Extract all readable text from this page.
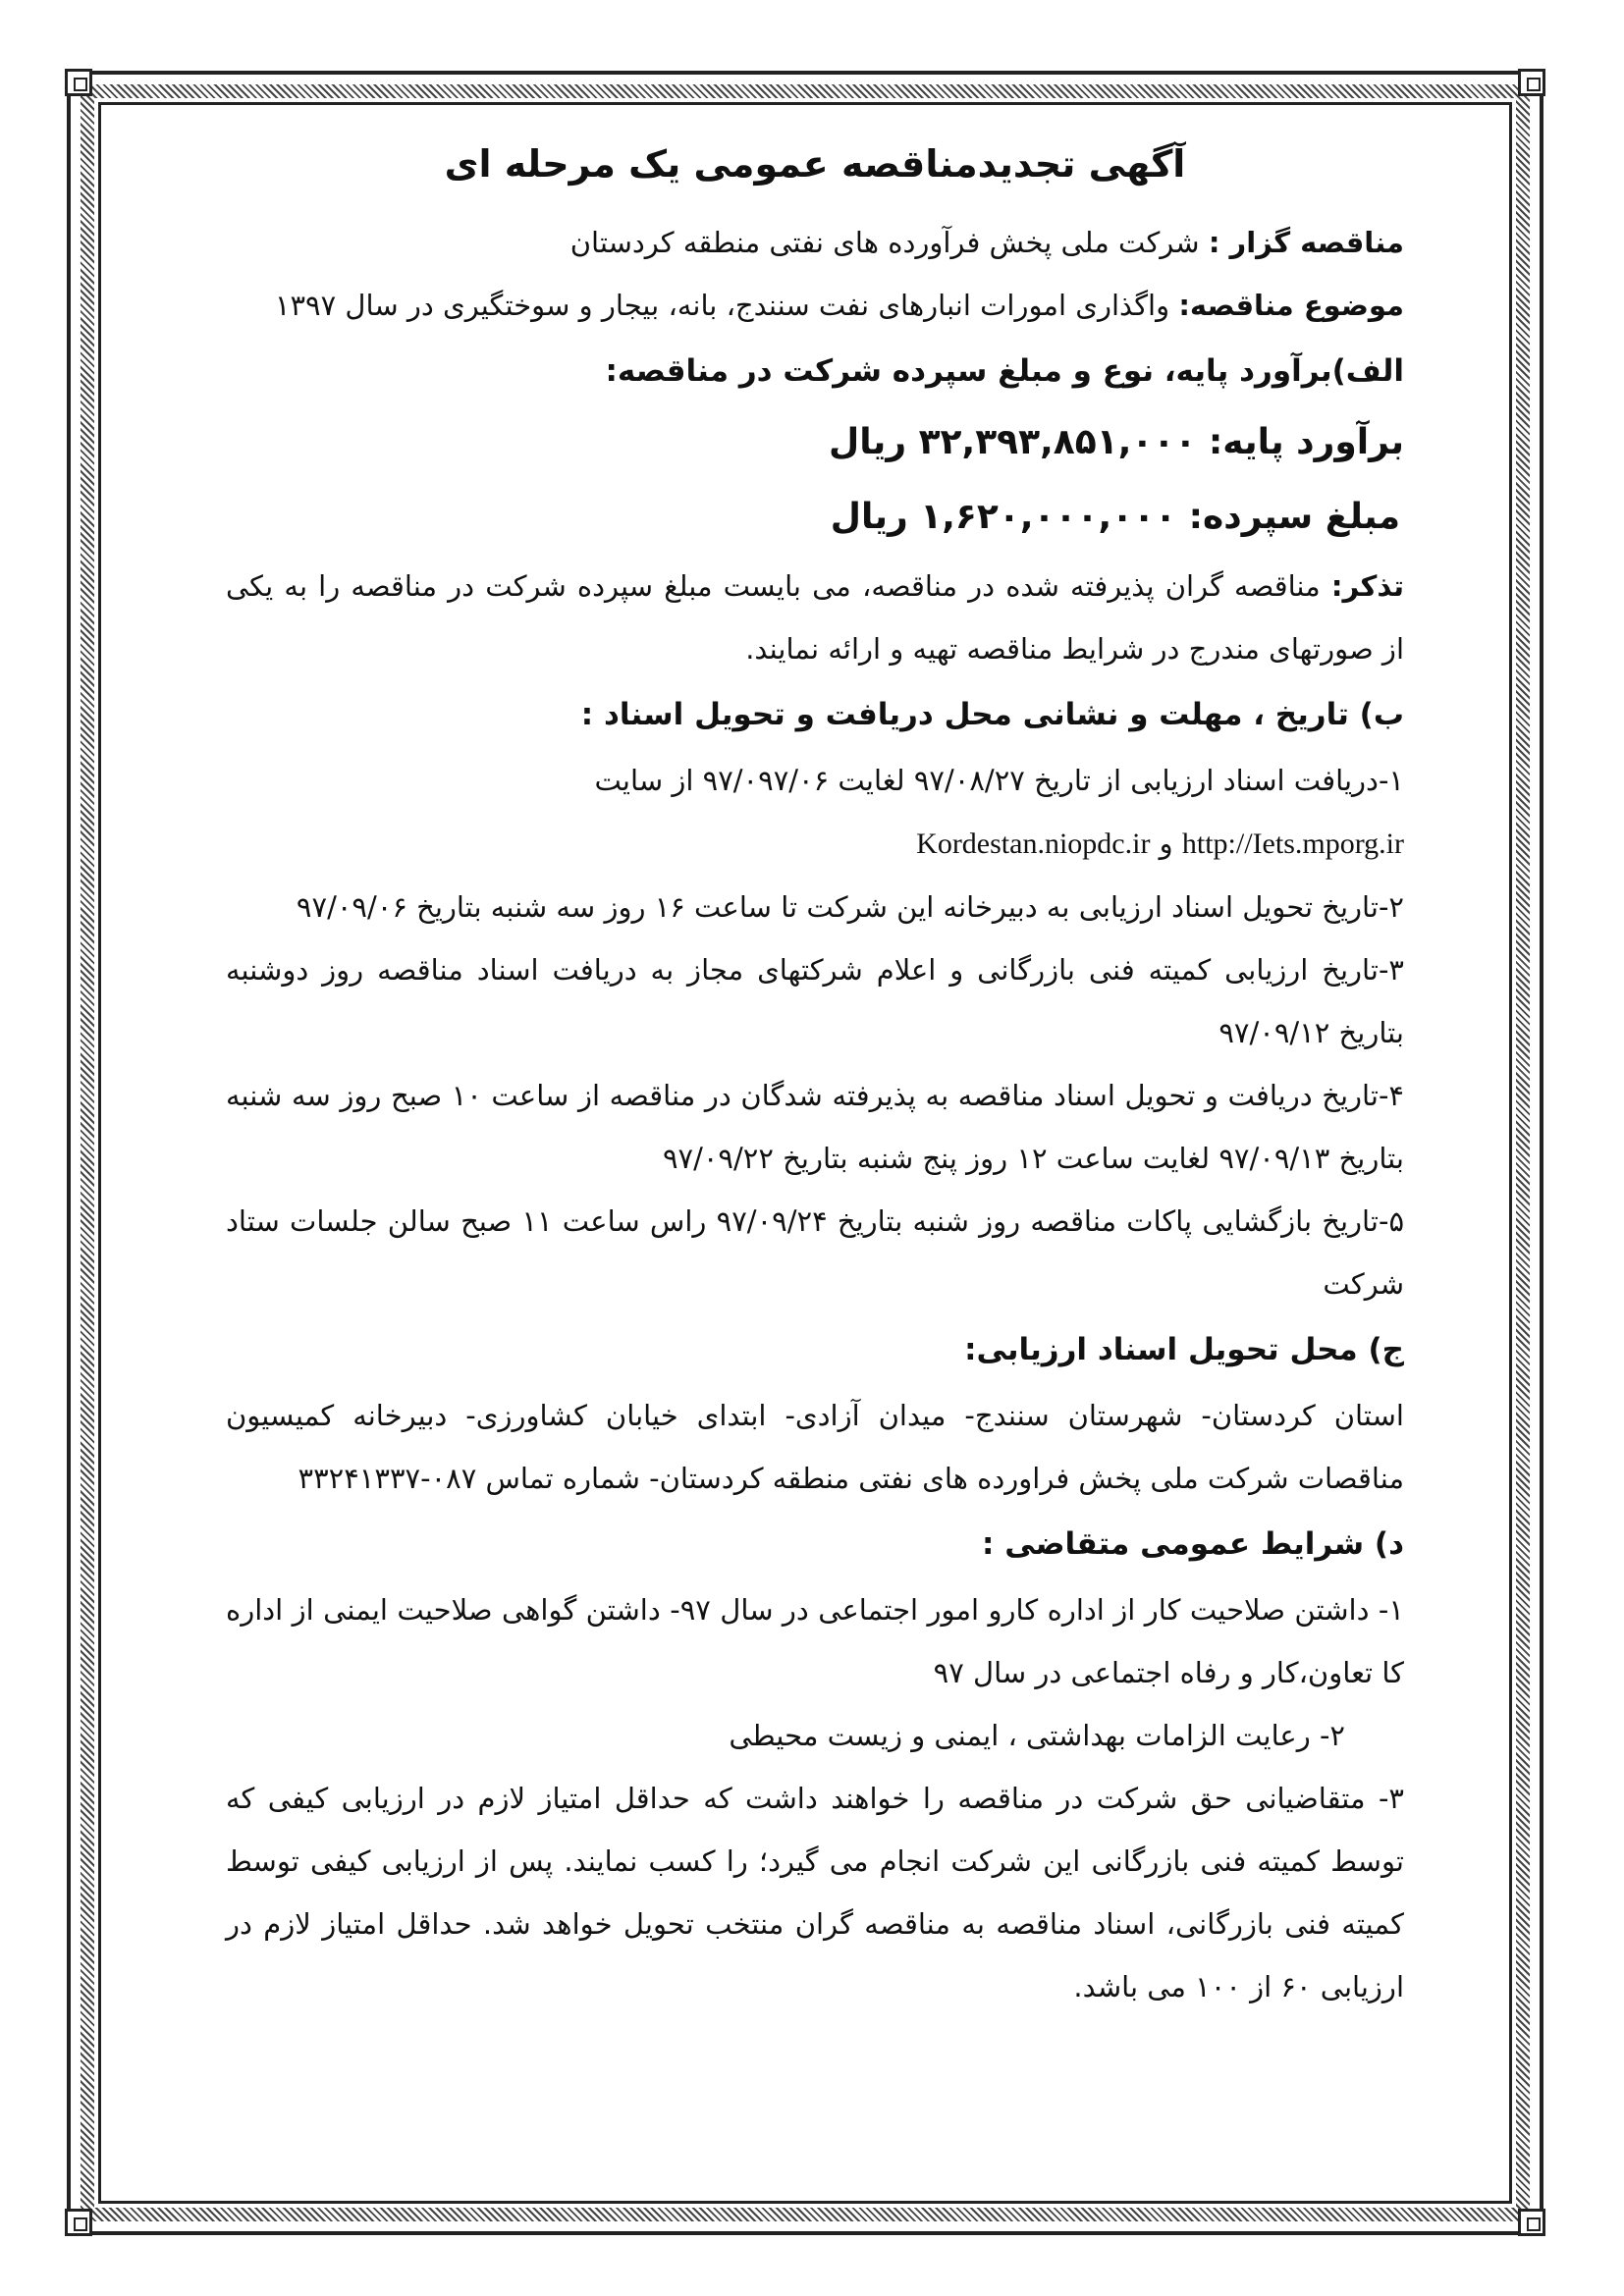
آگهی تجدیدمناقصه عمومی یک مرحله ای

مناقصه گزار : شرکت ملی پخش فرآورده های نفتی منطقه کردستان

موضوع مناقصه: واگذاری امورات انبارهای نفت سنندج، بانه، بیجار و سوختگیری در سال ۱۳۹۷

الف)برآورد پایه، نوع و مبلغ سپرده شرکت در مناقصه:

برآورد پایه: ۳۲,۳۹۳,۸۵۱,۰۰۰ ریال

مبلغ سپرده: ۱,۶۲۰,۰۰۰,۰۰۰ ریال

تذکر: مناقصه گران پذیرفته شده در مناقصه، می بایست مبلغ سپرده شرکت در مناقصه را به یکی از صورتهای مندرج در شرایط مناقصه تهیه و ارائه نمایند.

ب) تاریخ ، مهلت و نشانی محل دریافت و تحویل اسناد :

۱-دریافت اسناد ارزیابی از تاریخ ۹۷/۰۸/۲۷ لغایت ۹۷/۰۹۷/۰۶ از سایت
http://Iets.mporg.ir و Kordestan.niopdc.ir

۲-تاریخ تحویل اسناد ارزیابی به دبیرخانه این شرکت تا ساعت ۱۶ روز سه شنبه بتاریخ ۹۷/۰۹/۰۶

۳-تاریخ ارزیابی کمیته فنی بازرگانی و اعلام شرکتهای مجاز به دریافت اسناد مناقصه روز دوشنبه بتاریخ ۹۷/۰۹/۱۲

۴-تاریخ دریافت و تحویل اسناد مناقصه به پذیرفته شدگان در مناقصه از ساعت ۱۰ صبح روز سه شنبه بتاریخ ۹۷/۰۹/۱۳ لغایت ساعت ۱۲ روز پنج شنبه بتاریخ ۹۷/۰۹/۲۲

۵-تاریخ بازگشایی پاکات مناقصه روز شنبه بتاریخ ۹۷/۰۹/۲۴ راس ساعت ۱۱ صبح سالن جلسات ستاد شرکت

ج) محل تحویل اسناد ارزیابی:

استان کردستان- شهرستان سنندج- میدان آزادی- ابتدای خیابان کشاورزی- دبیرخانه کمیسیون مناقصات شرکت ملی پخش فراورده های نفتی منطقه کردستان- شماره تماس ۰۸۷-۳۳۲۴۱۳۳۷

د) شرایط عمومی متقاضی :

۱- داشتن صلاحیت کار از اداره کارو امور اجتماعی در سال ۹۷- داشتن گواهی صلاحیت ایمنی از اداره کا تعاون،کار و رفاه اجتماعی در سال ۹۷

۲- رعایت الزامات بهداشتی ، ایمنی و زیست محیطی

۳- متقاضیانی حق شرکت در مناقصه را خواهند داشت که حداقل امتیاز لازم در ارزیابی کیفی که توسط کمیته فنی بازرگانی این شرکت انجام می گیرد؛ را کسب نمایند. پس از ارزیابی کیفی توسط کمیته فنی بازرگانی، اسناد مناقصه به مناقصه گران منتخب تحویل خواهد شد. حداقل امتیاز لازم در ارزیابی ۶۰ از ۱۰۰ می باشد.
